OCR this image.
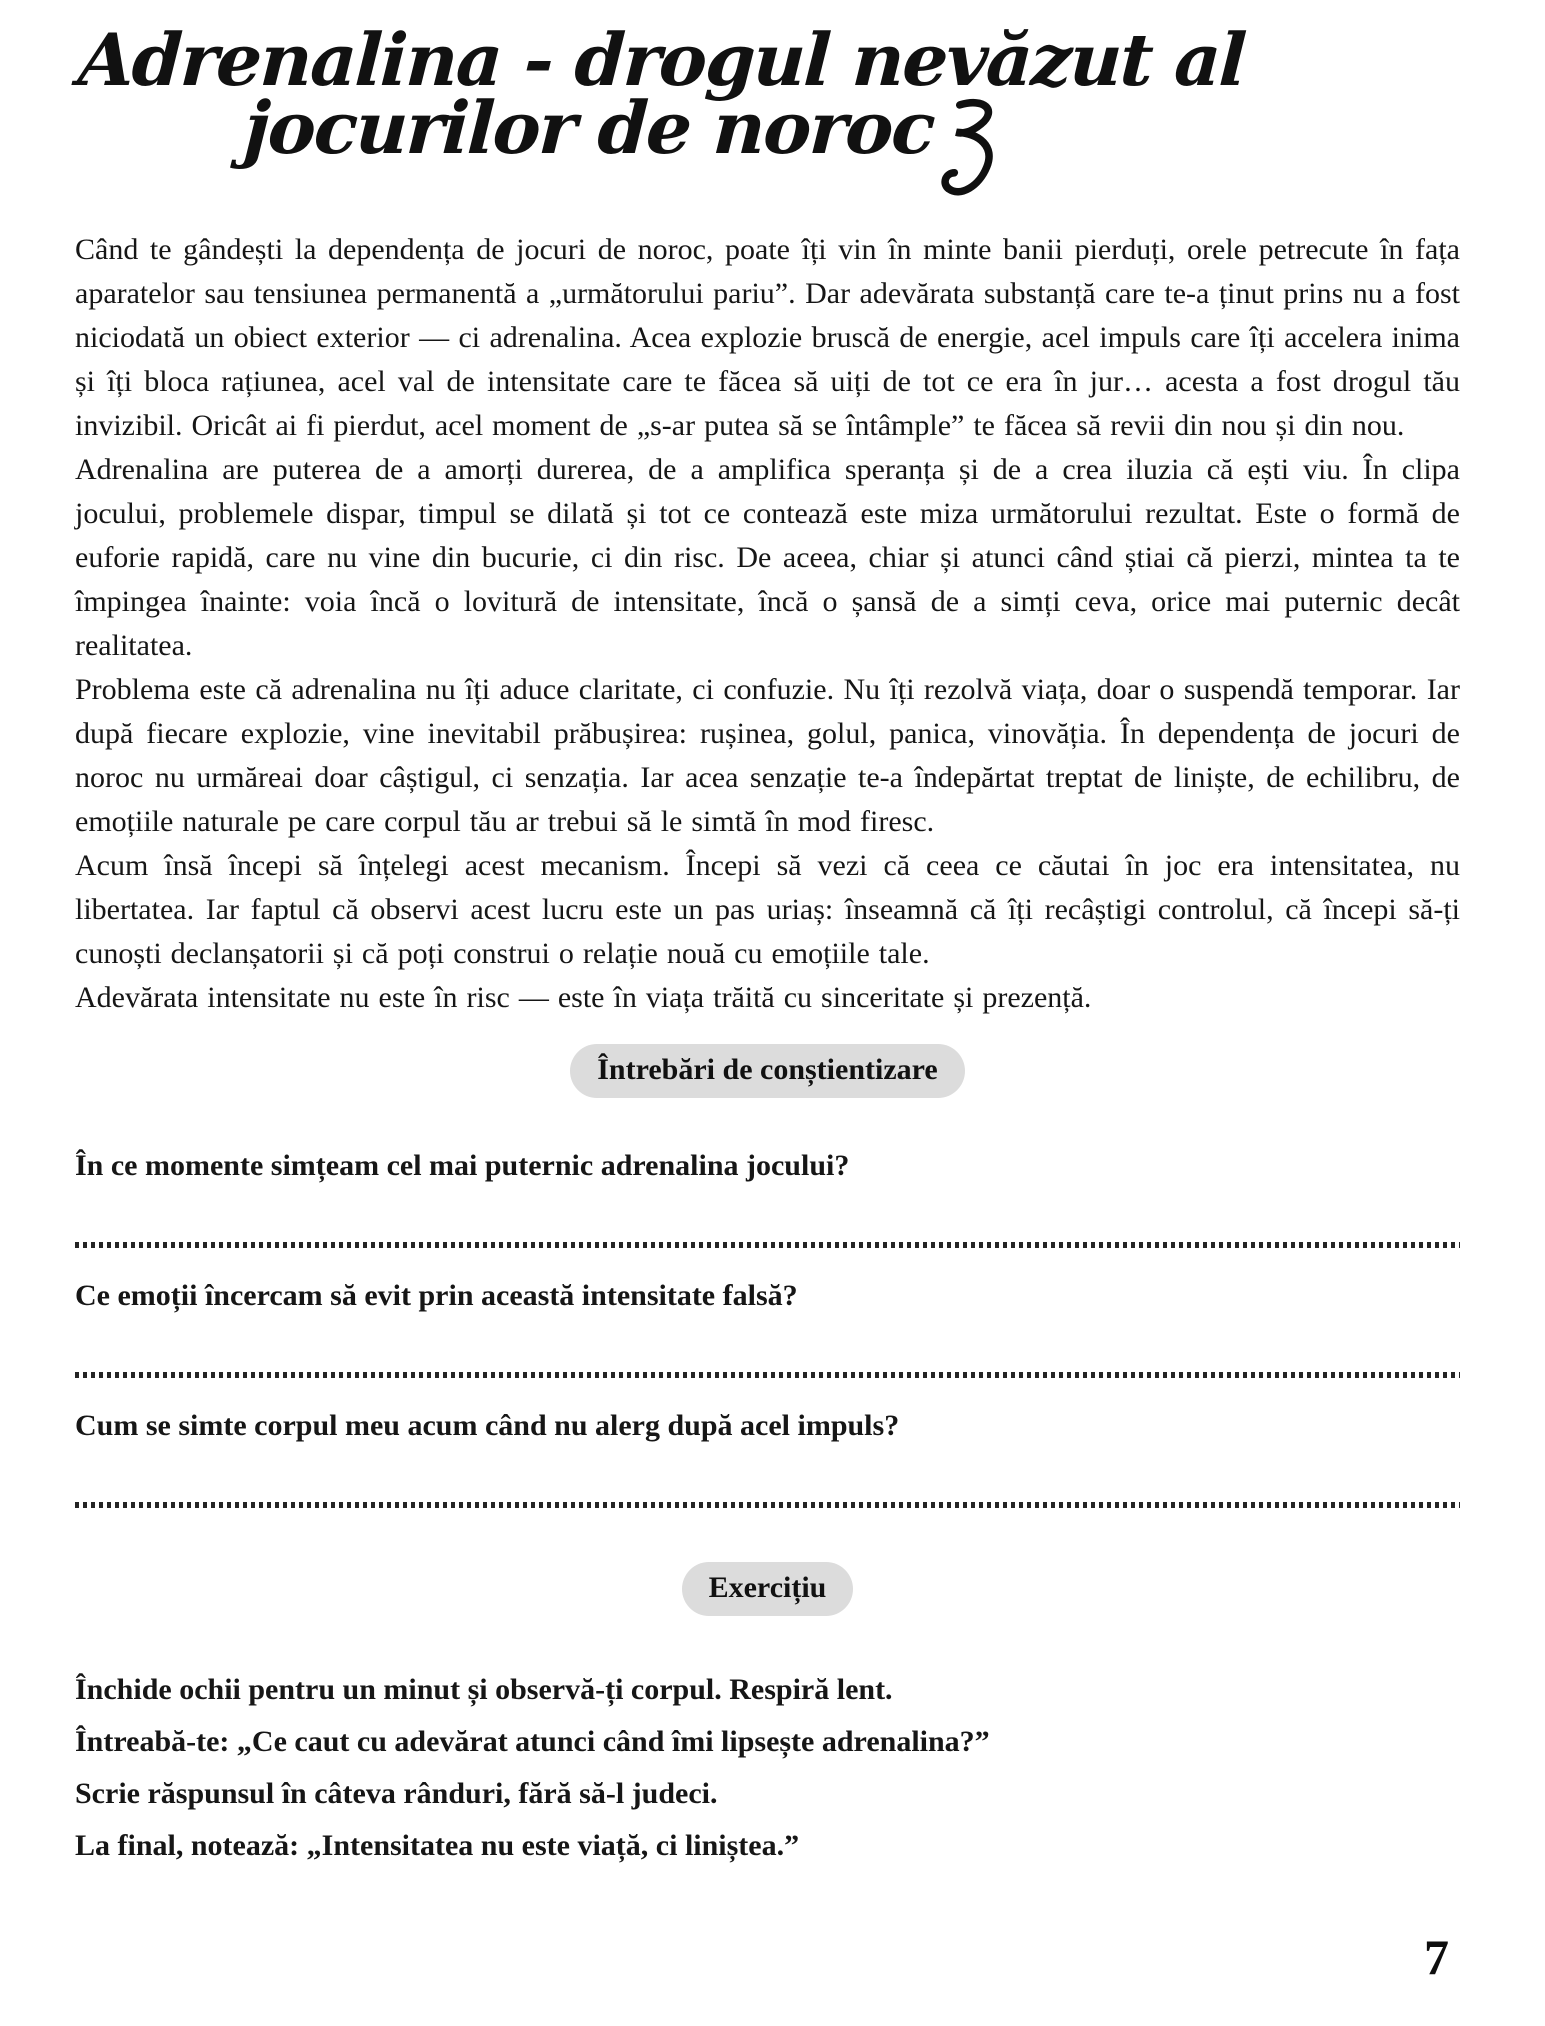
Adrenalina - drogul nevăzut al
jocurilor de noroc

Când te gândești la dependența de jocuri de noroc, poate îți vin în minte banii pierduți, orele petrecute în fața aparatelor sau tensiunea permanentă a „următorului pariu”. Dar adevărata substanță care te-a ținut prins nu a fost niciodată un obiect exterior — ci adrenalina. Acea explozie bruscă de energie, acel impuls care îți accelera inima și îți bloca rațiunea, acel val de intensitate care te făcea să uiți de tot ce era în jur… acesta a fost drogul tău invizibil. Oricât ai fi pierdut, acel moment de „s-ar putea să se întâmple” te făcea să revii din nou și din nou.

Adrenalina are puterea de a amorți durerea, de a amplifica speranța și de a crea iluzia că ești viu. În clipa jocului, problemele dispar, timpul se dilată și tot ce contează este miza următorului rezultat. Este o formă de euforie rapidă, care nu vine din bucurie, ci din risc. De aceea, chiar și atunci când știai că pierzi, mintea ta te împingea înainte: voia încă o lovitură de intensitate, încă o șansă de a simți ceva, orice mai puternic decât realitatea.

Problema este că adrenalina nu îți aduce claritate, ci confuzie. Nu îți rezolvă viața, doar o suspendă temporar. Iar după fiecare explozie, vine inevitabil prăbușirea: rușinea, golul, panica, vinovăția. În dependența de jocuri de noroc nu urmăreai doar câștigul, ci senzația. Iar acea senzație te-a îndepărtat treptat de liniște, de echilibru, de emoțiile naturale pe care corpul tău ar trebui să le simtă în mod firesc.

Acum însă începi să înțelegi acest mecanism. Începi să vezi că ceea ce căutai în joc era intensitatea, nu libertatea. Iar faptul că observi acest lucru este un pas uriaș: înseamnă că îți recâștigi controlul, că începi să-ți cunoști declanșatorii și că poți construi o relație nouă cu emoțiile tale.

Adevărata intensitate nu este în risc — este în viața trăită cu sinceritate și prezență.

Întrebări de conștientizare

În ce momente simțeam cel mai puternic adrenalina jocului?

Ce emoții încercam să evit prin această intensitate falsă?

Cum se simte corpul meu acum când nu alerg după acel impuls?

Exercițiu

Închide ochii pentru un minut și observă-ți corpul. Respiră lent.

Întreabă-te: „Ce caut cu adevărat atunci când îmi lipsește adrenalina?”

Scrie răspunsul în câteva rânduri, fără să-l judeci.

La final, notează: „Intensitatea nu este viață, ci liniștea.”

7
